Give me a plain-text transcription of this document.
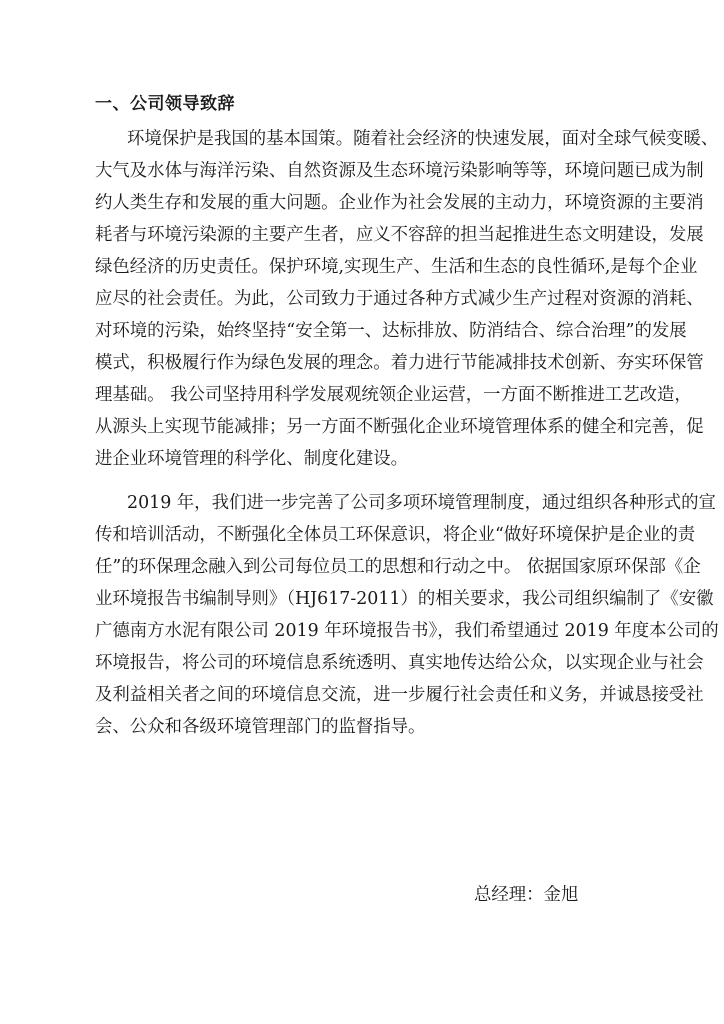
一、公司领导致辞

环境保护是我国的基本国策。随着社会经济的快速发展，面对全球气候变暖、

大气及水体与海洋污染、自然资源及生态环境污染影响等等，环境问题已成为制

约人类生存和发展的重大问题。企业作为社会发展的主动力，环境资源的主要消

耗者与环境污染源的主要产生者，应义不容辞的担当起推进生态文明建设，发展

绿色经济的历史责任。保护环境,实现生产、生活和生态的良性循环,是每个企业

应尽的社会责任。为此，公司致力于通过各种方式减少生产过程对资源的消耗、

对环境的污染，始终坚持“安全第一、达标排放、防消结合、综合治理”的发展

模式，积极履行作为绿色发展的理念。着力进行节能减排技术创新、夯实环保管

理基础。 我公司坚持用科学发展观统领企业运营，一方面不断推进工艺改造，

从源头上实现节能减排；另一方面不断强化企业环境管理体系的健全和完善，促

进企业环境管理的科学化、制度化建设。

2019 年，我们进一步完善了公司多项环境管理制度，通过组织各种形式的宣

传和培训活动，不断强化全体员工环保意识，将企业“做好环境保护是企业的责

任”的环保理念融入到公司每位员工的思想和行动之中。 依据国家原环保部《企

业环境报告书编制导则》（HJ617-2011）的相关要求，我公司组织编制了《安徽

广德南方水泥有限公司 2019 年环境报告书》，我们希望通过 2019 年度本公司的

环境报告，将公司的环境信息系统透明、真实地传达给公众，以实现企业与社会

及利益相关者之间的环境信息交流，进一步履行社会责任和义务，并诚恳接受社

会、公众和各级环境管理部门的监督指导。

总经理：金旭
